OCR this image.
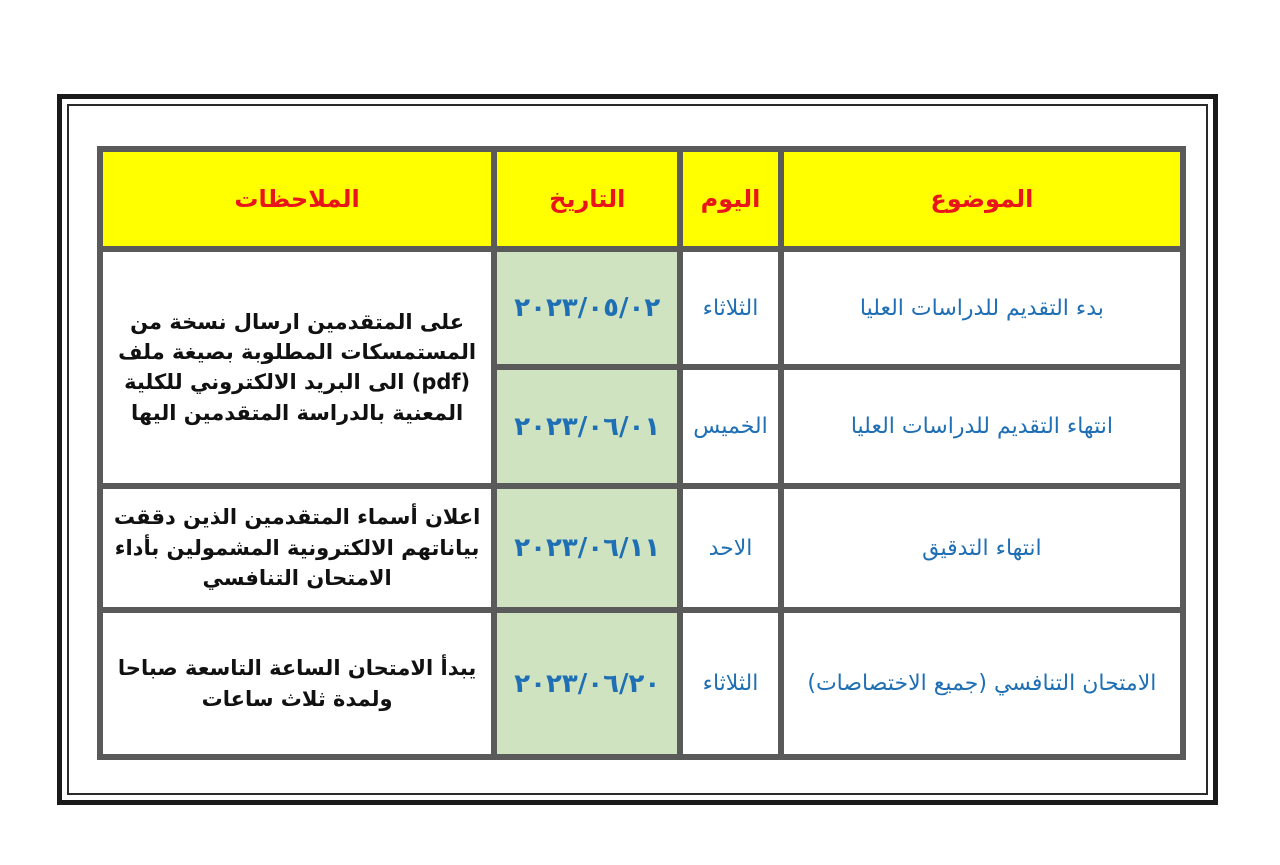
الموضوع	اليوم	التاريخ	الملاحظات
بدء التقديم للدراسات العليا	الثلاثاء	٢٠٢٣/٠٥/٠٢	على المتقدمين ارسال نسخة من المستمسكات المطلوبة بصيغة ملف (pdf) الى البريد الالكتروني للكلية المعنية بالدراسة المتقدمين اليها
انتهاء التقديم للدراسات العليا	الخميس	٢٠٢٣/٠٦/٠١	
انتهاء التدقيق	الاحد	٢٠٢٣/٠٦/١١	اعلان أسماء المتقدمين الذين دققت بياناتهم الالكترونية المشمولين بأداء الامتحان التنافسي
الامتحان التنافسي (جميع الاختصاصات)	الثلاثاء	٢٠٢٣/٠٦/٢٠	يبدأ الامتحان الساعة التاسعة صباحا ولمدة ثلاث ساعات
